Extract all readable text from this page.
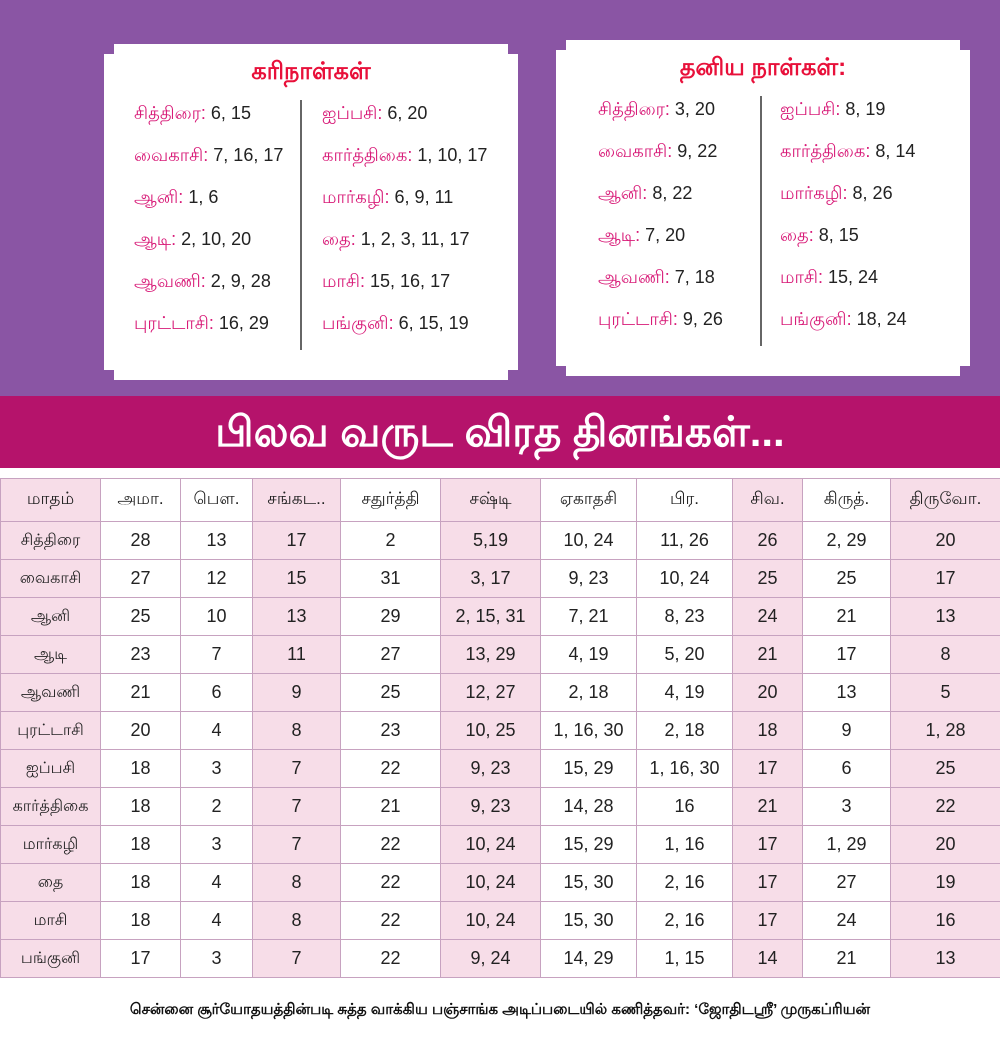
கரிநாள்கள்
சித்திரை: 6, 15
வைகாசி: 7, 16, 17
ஆனி: 1, 6
ஆடி: 2, 10, 20
ஆவணி: 2, 9, 28
புரட்டாசி: 16, 29
ஐப்பசி: 6, 20
கார்த்திகை: 1, 10, 17
மார்கழி: 6, 9, 11
தை: 1, 2, 3, 11, 17
மாசி: 15, 16, 17
பங்குனி: 6, 15, 19
தனிய நாள்கள்:
சித்திரை: 3, 20
வைகாசி: 9, 22
ஆனி: 8, 22
ஆடி: 7, 20
ஆவணி: 7, 18
புரட்டாசி: 9, 26
ஐப்பசி: 8, 19
கார்த்திகை: 8, 14
மார்கழி: 8, 26
தை: 8, 15
மாசி: 15, 24
பங்குனி: 18, 24
பிலவ வருட விரத தினங்கள்...
மாதம்	அமா.	பௌ.	சங்கட..	சதுர்த்தி	சஷ்டி	ஏகாதசி	பிர.	சிவ.	கிருத்.	திருவோ.
சித்திரை	28	13	17	2	5,19	10, 24	11, 26	26	2, 29	20
வைகாசி	27	12	15	31	3, 17	9, 23	10, 24	25	25	17
ஆனி	25	10	13	29	2, 15, 31	7, 21	8, 23	24	21	13
ஆடி	23	7	11	27	13, 29	4, 19	5, 20	21	17	8
ஆவணி	21	6	9	25	12, 27	2, 18	4, 19	20	13	5
புரட்டாசி	20	4	8	23	10, 25	1, 16, 30	2, 18	18	9	1, 28
ஐப்பசி	18	3	7	22	9, 23	15, 29	1, 16, 30	17	6	25
கார்த்திகை	18	2	7	21	9, 23	14, 28	16	21	3	22
மார்கழி	18	3	7	22	10, 24	15, 29	1, 16	17	1, 29	20
தை	18	4	8	22	10, 24	15, 30	2, 16	17	27	19
மாசி	18	4	8	22	10, 24	15, 30	2, 16	17	24	16
பங்குனி	17	3	7	22	9, 24	14, 29	1, 15	14	21	13
சென்னை சூர்யோதயத்தின்படி சுத்த வாக்கிய பஞ்சாங்க அடிப்படையில் கணித்தவர்: ‘ஜோதிடஸ்ரீ’ முருகப்ரியன்
